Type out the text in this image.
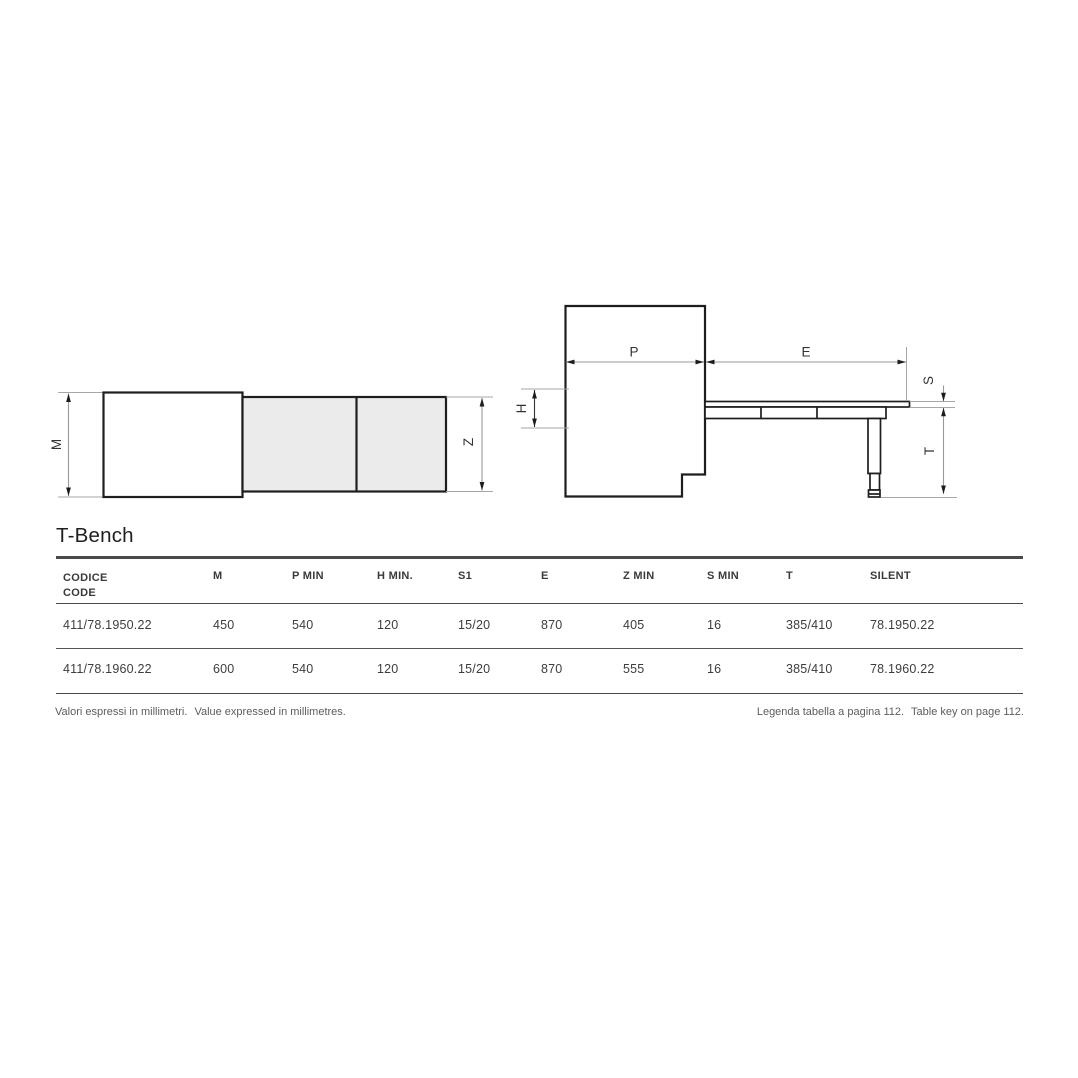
M	Z
P	E
H
S
T
T-Bench
CODICE
CODE
M	P MIN	H MIN.	S1	E	Z MIN	S MIN	T	SILENT
411/78.1950.22	450	540	120	15/20	870	405	16	385/410	78.1950.22
411/78.1960.22	600	540	120	15/20	870	555	16	385/410	78.1960.22
Valori espressi in millimetri. Value expressed in millimetres.	Legenda tabella a pagina 112. Table key on page 112.
